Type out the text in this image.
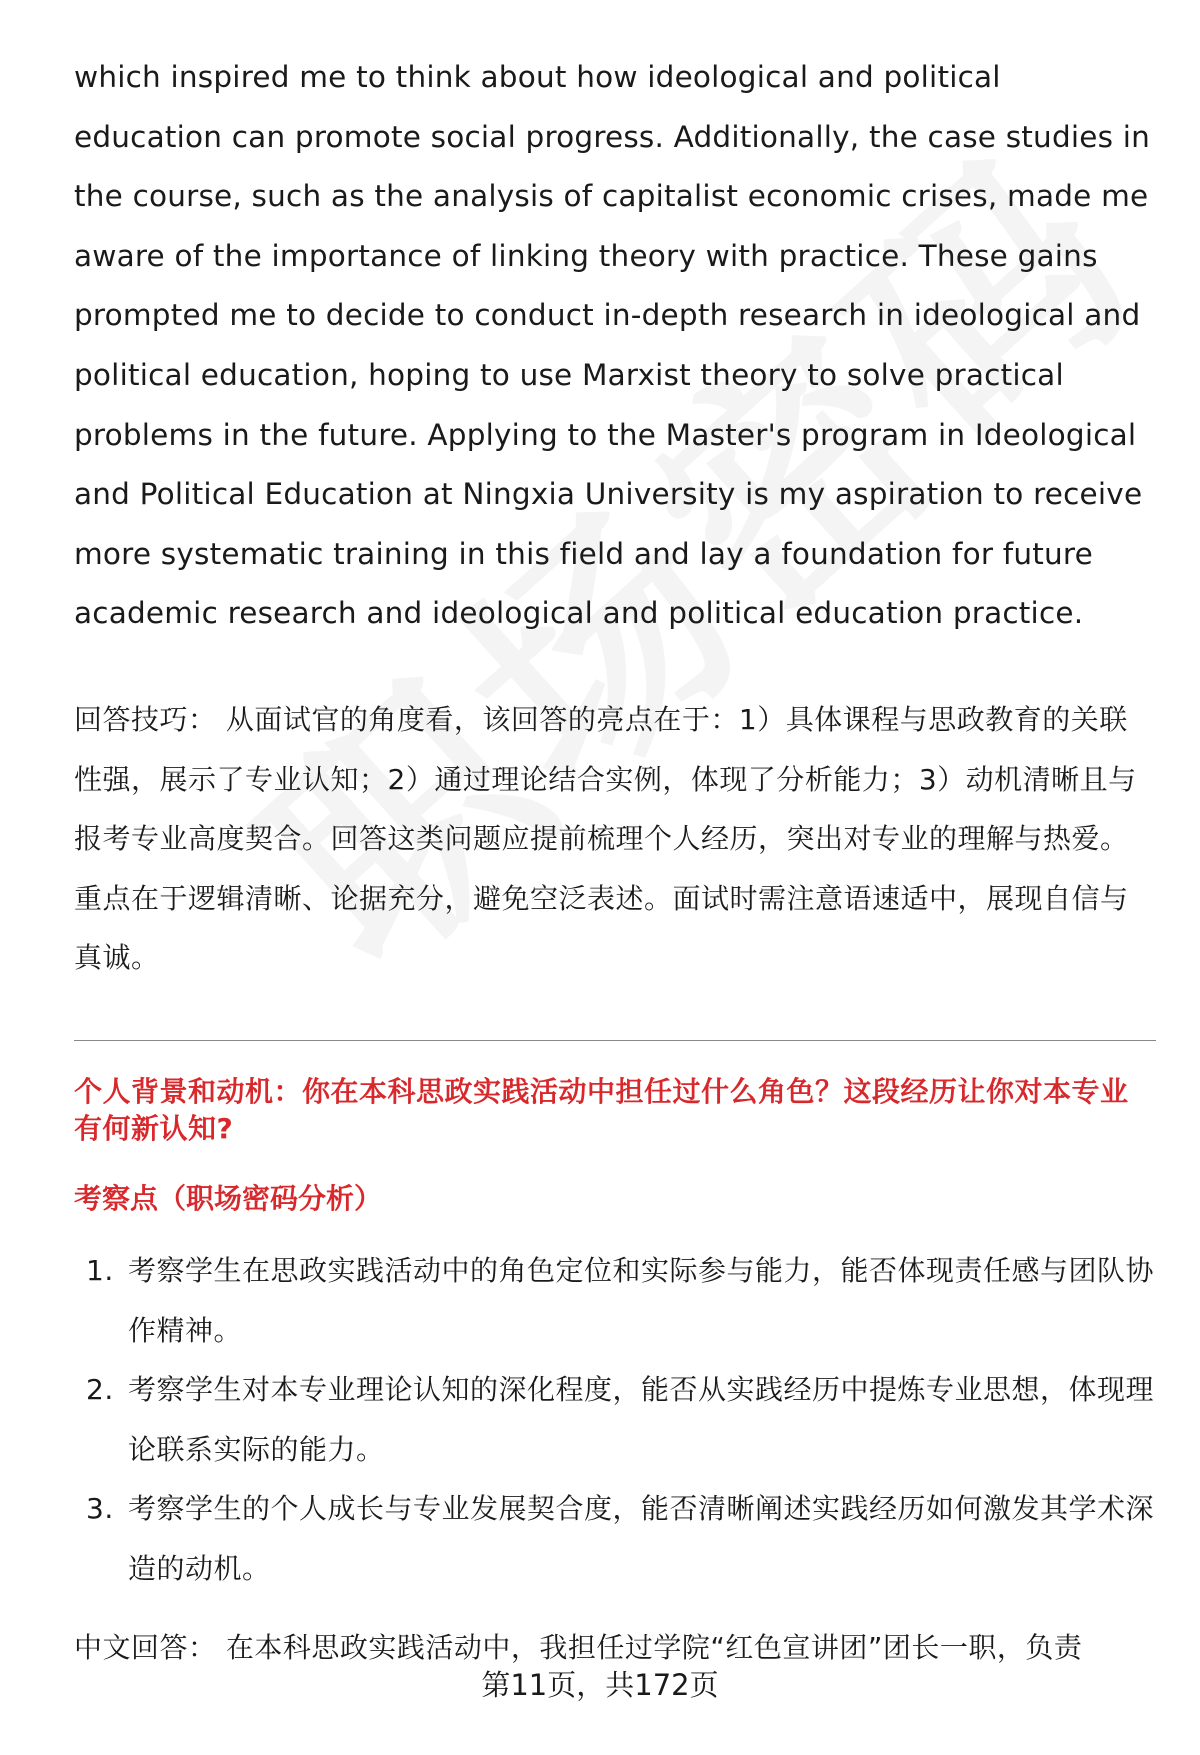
which inspired me to think about how ideological and political education can promote social progress. Additionally, the case studies in the course, such as the analysis of capitalist economic crises, made me aware of the importance of linking theory with practice. These gains prompted me to decide to conduct in-depth research in ideological and political education, hoping to use Marxist theory to solve practical problems in the future. Applying to the Master's program in Ideological and Political Education at Ningxia University is my aspiration to receive more systematic training in this field and lay a foundation for future academic research and ideological and political education practice.

回答技巧： 从面试官的角度看，该回答的亮点在于：1）具体课程与思政教育的关联性强，展示了专业认知；2）通过理论结合实例，体现了分析能力；3）动机清晰且与报考专业高度契合。回答这类问题应提前梳理个人经历，突出对专业的理解与热爱。重点在于逻辑清晰、论据充分，避免空泛表述。面试时需注意语速适中，展现自信与真诚。

个人背景和动机：你在本科思政实践活动中担任过什么角色？这段经历让你对本专业有何新认知?

考察点（职场密码分析）

1. 考察学生在思政实践活动中的角色定位和实际参与能力，能否体现责任感与团队协作精神。
2. 考察学生对本专业理论认知的深化程度，能否从实践经历中提炼专业思想，体现理论联系实际的能力。
3. 考察学生的个人成长与专业发展契合度，能否清晰阐述实践经历如何激发其学术深造的动机。

中文回答： 在本科思政实践活动中，我担任过学院“红色宣讲团”团长一职，负责

第11页，共172页
